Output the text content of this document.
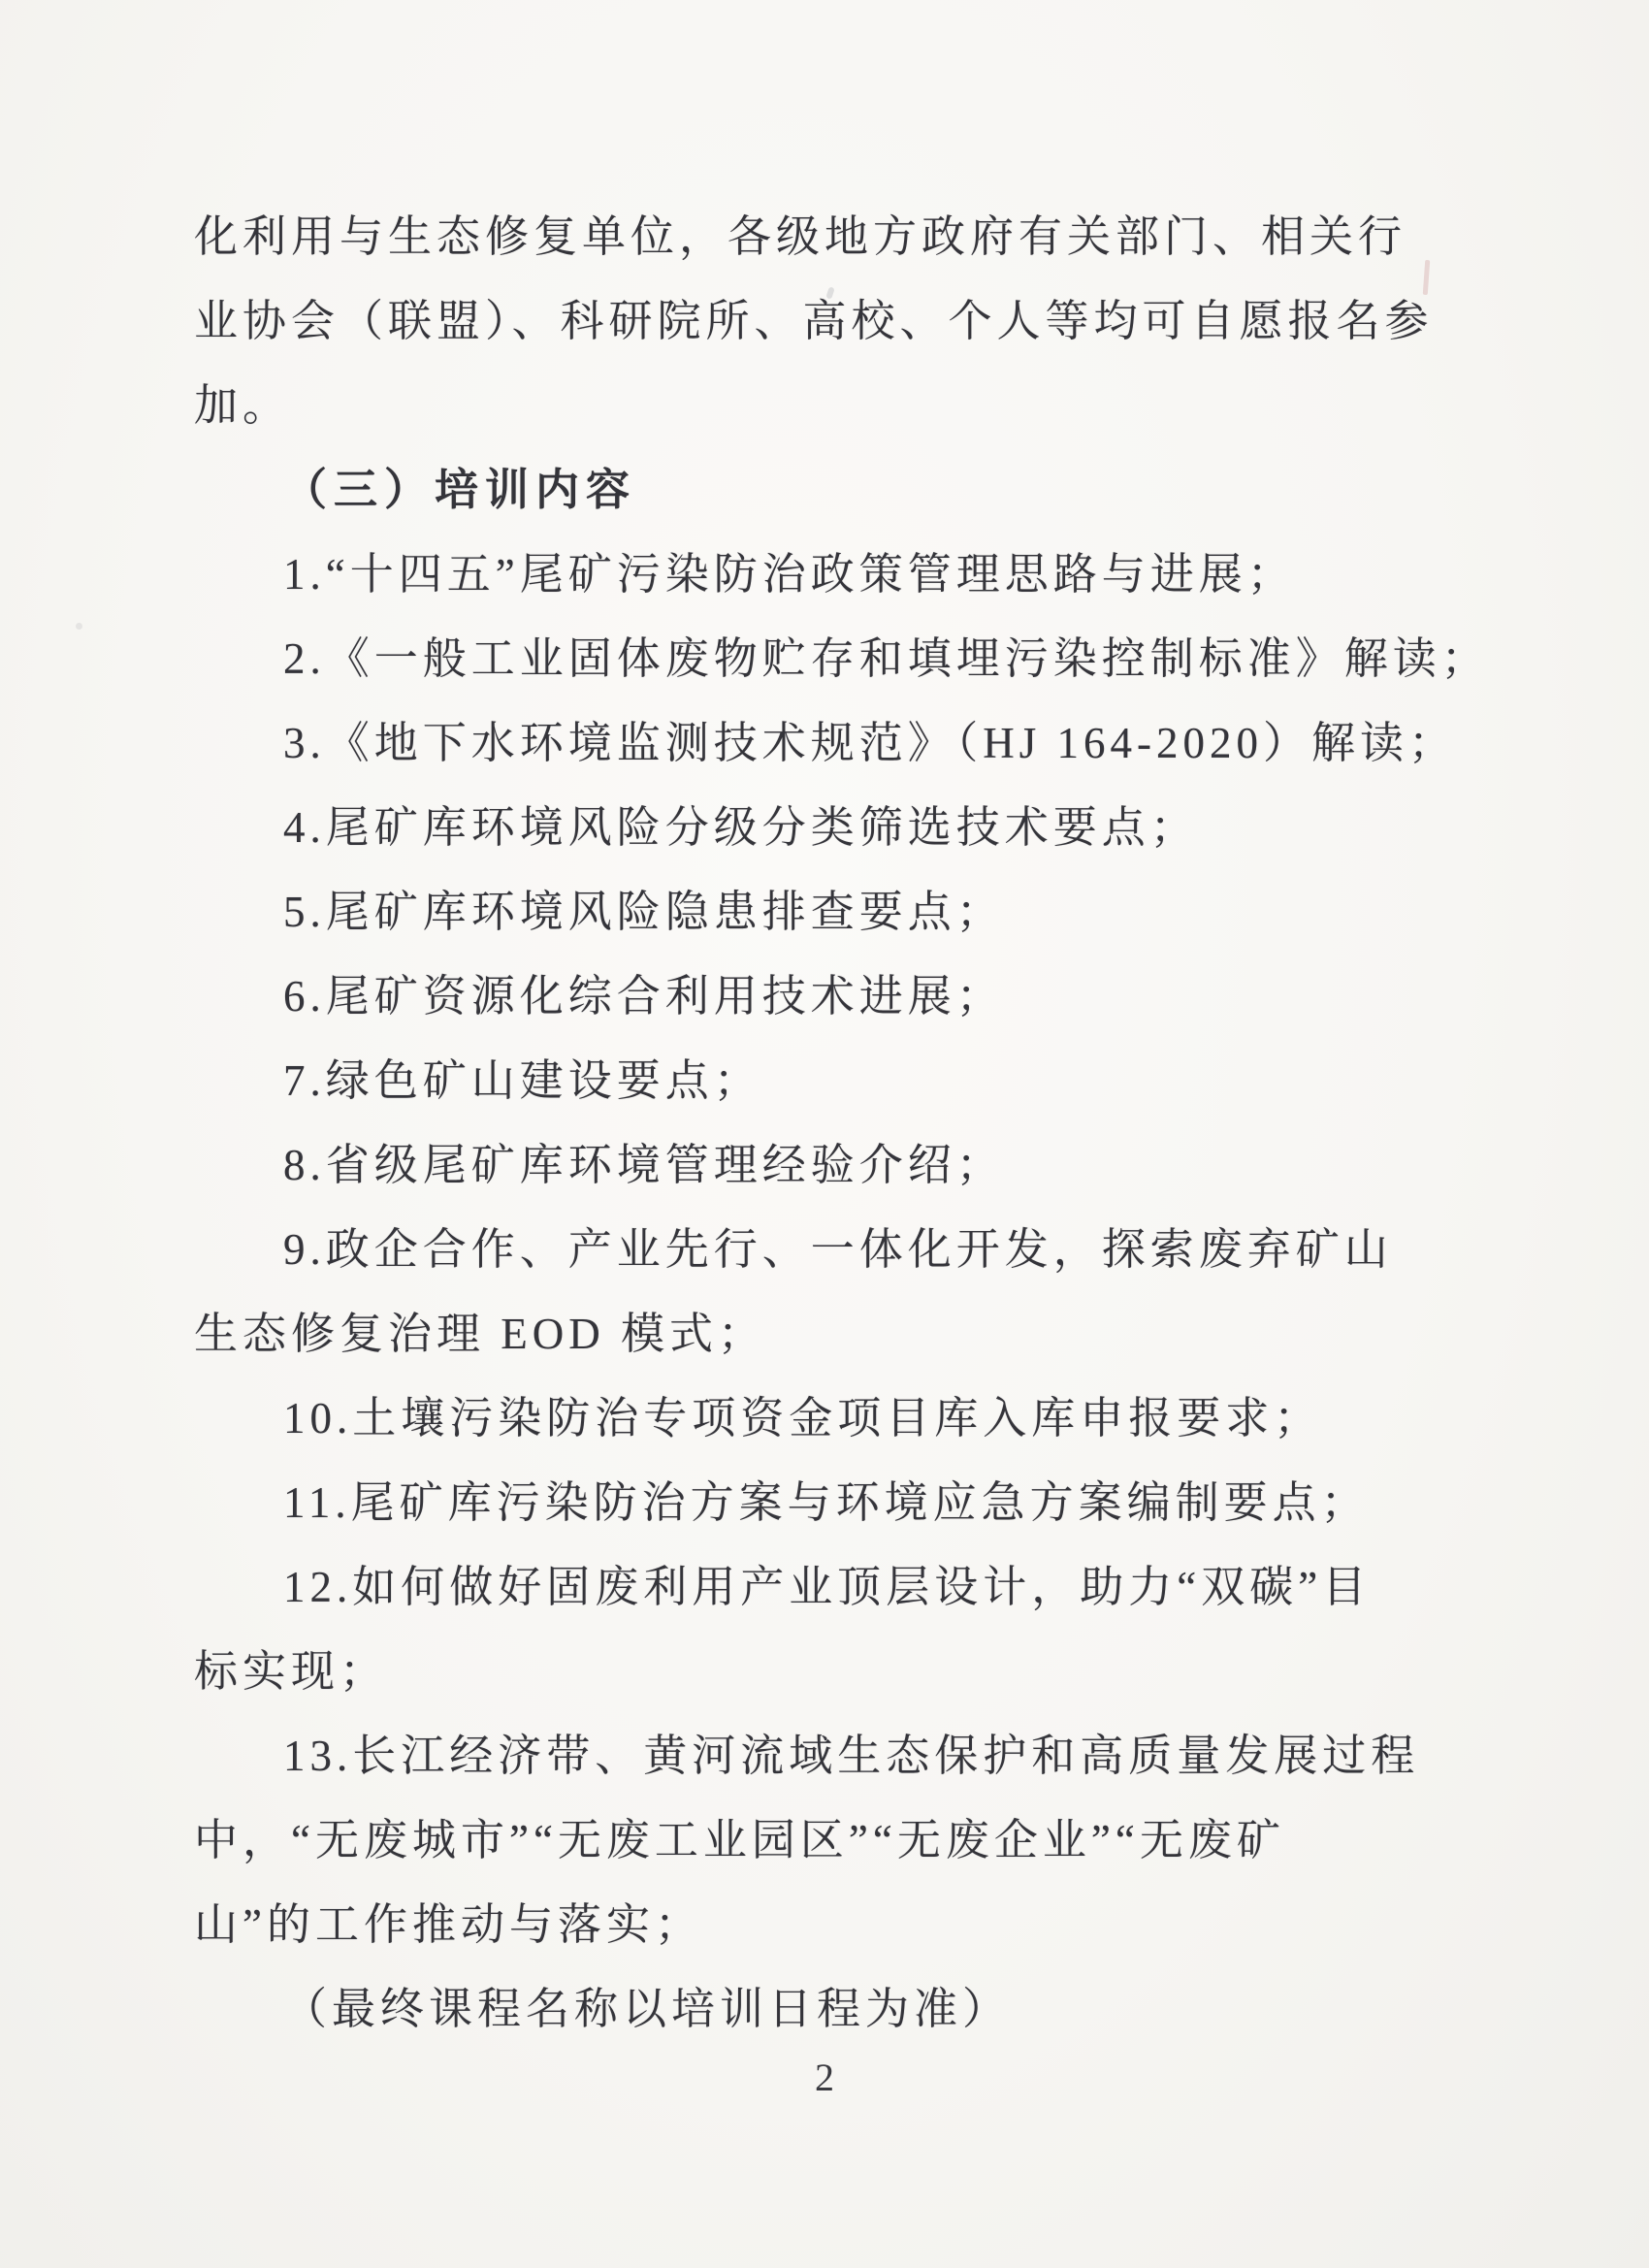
化利用与生态修复单位，各级地方政府有关部门、相关行

业协会（联盟）、科研院所、高校、个人等均可自愿报名参

加。

（三）培训内容

1.“十四五”尾矿污染防治政策管理思路与进展；

2.《一般工业固体废物贮存和填埋污染控制标准》解读；

3.《地下水环境监测技术规范》（HJ 164-2020）解读；

4.尾矿库环境风险分级分类筛选技术要点；

5.尾矿库环境风险隐患排查要点；

6.尾矿资源化综合利用技术进展；

7.绿色矿山建设要点；

8.省级尾矿库环境管理经验介绍；

9.政企合作、产业先行、一体化开发，探索废弃矿山

生态修复治理 EOD 模式；

10.土壤污染防治专项资金项目库入库申报要求；

11.尾矿库污染防治方案与环境应急方案编制要点；

12.如何做好固废利用产业顶层设计，助力“双碳”目

标实现；

13.长江经济带、黄河流域生态保护和高质量发展过程

中，“无废城市”“无废工业园区”“无废企业”“无废矿

山”的工作推动与落实；

（最终课程名称以培训日程为准）

2
